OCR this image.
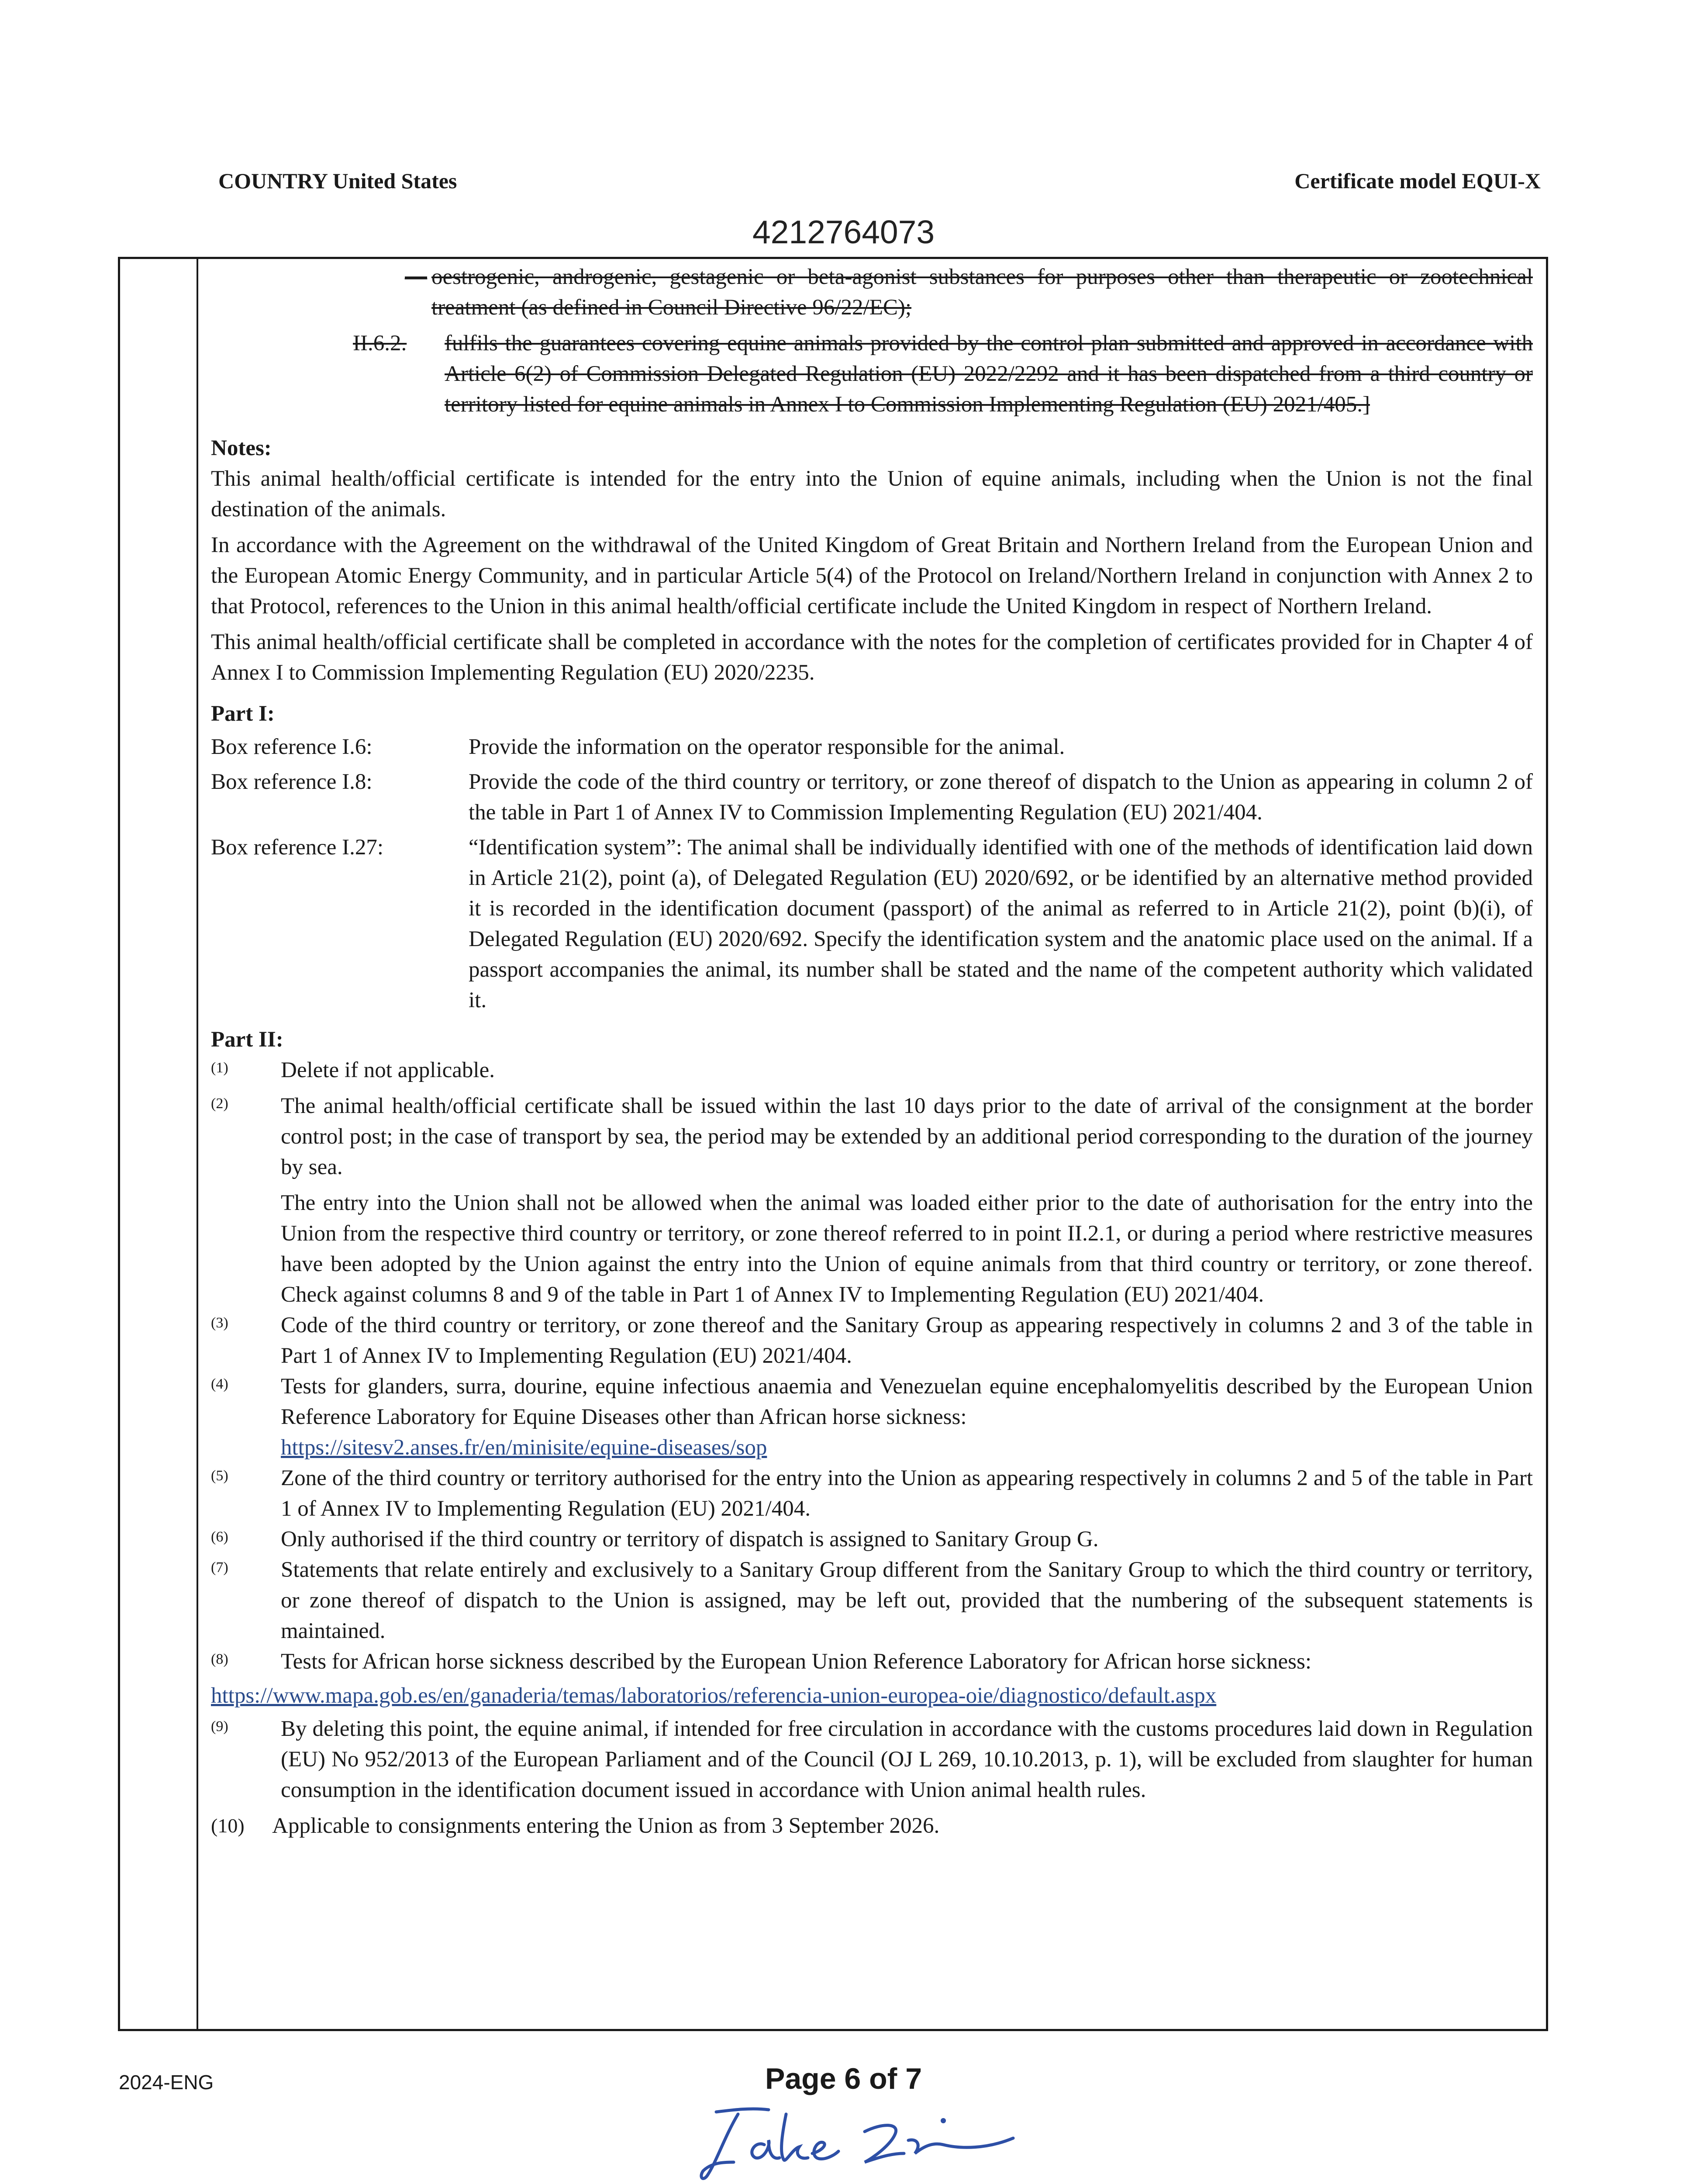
COUNTRY United States	Certificate model EQUI-X
4212764073
— oestrogenic, androgenic, gestagenic or beta-agonist substances for purposes other than therapeutic or zootechnical treatment (as defined in Council Directive 96/22/EC);
II.6.2.	fulfils the guarantees covering equine animals provided by the control plan submitted and approved in accordance with Article 6(2) of Commission Delegated Regulation (EU) 2022/2292 and it has been dispatched from a third country or territory listed for equine animals in Annex I to Commission Implementing Regulation (EU) 2021/405.]
Notes:
This animal health/official certificate is intended for the entry into the Union of equine animals, including when the Union is not the final destination of the animals.
In accordance with the Agreement on the withdrawal of the United Kingdom of Great Britain and Northern Ireland from the European Union and the European Atomic Energy Community, and in particular Article 5(4) of the Protocol on Ireland/Northern Ireland in conjunction with Annex 2 to that Protocol, references to the Union in this animal health/official certificate include the United Kingdom in respect of Northern Ireland.
This animal health/official certificate shall be completed in accordance with the notes for the completion of certificates provided for in Chapter 4 of Annex I to Commission Implementing Regulation (EU) 2020/2235.
Part I:
Box reference I.6:	Provide the information on the operator responsible for the animal.
Box reference I.8:	Provide the code of the third country or territory, or zone thereof of dispatch to the Union as appearing in column 2 of the table in Part 1 of Annex IV to Commission Implementing Regulation (EU) 2021/404.
Box reference I.27:	“Identification system”: The animal shall be individually identified with one of the methods of identification laid down in Article 21(2), point (a), of Delegated Regulation (EU) 2020/692, or be identified by an alternative method provided it is recorded in the identification document (passport) of the animal as referred to in Article 21(2), point (b)(i), of Delegated Regulation (EU) 2020/692. Specify the identification system and the anatomic place used on the animal. If a passport accompanies the animal, its number shall be stated and the name of the competent authority which validated it.
Part II:
(1)	Delete if not applicable.
(2)	The animal health/official certificate shall be issued within the last 10 days prior to the date of arrival of the consignment at the border control post; in the case of transport by sea, the period may be extended by an additional period corresponding to the duration of the journey by sea.
The entry into the Union shall not be allowed when the animal was loaded either prior to the date of authorisation for the entry into the Union from the respective third country or territory, or zone thereof referred to in point II.2.1, or during a period where restrictive measures have been adopted by the Union against the entry into the Union of equine animals from that third country or territory, or zone thereof. Check against columns 8 and 9 of the table in Part 1 of Annex IV to Implementing Regulation (EU) 2021/404.
(3)	Code of the third country or territory, or zone thereof and the Sanitary Group as appearing respectively in columns 2 and 3 of the table in Part 1 of Annex IV to Implementing Regulation (EU) 2021/404.
(4)	Tests for glanders, surra, dourine, equine infectious anaemia and Venezuelan equine encephalomyelitis described by the European Union Reference Laboratory for Equine Diseases other than African horse sickness:
https://sitesv2.anses.fr/en/minisite/equine-diseases/sop
(5)	Zone of the third country or territory authorised for the entry into the Union as appearing respectively in columns 2 and 5 of the table in Part 1 of Annex IV to Implementing Regulation (EU) 2021/404.
(6)	Only authorised if the third country or territory of dispatch is assigned to Sanitary Group G.
(7)	Statements that relate entirely and exclusively to a Sanitary Group different from the Sanitary Group to which the third country or territory, or zone thereof of dispatch to the Union is assigned, may be left out, provided that the numbering of the subsequent statements is maintained.
(8)	Tests for African horse sickness described by the European Union Reference Laboratory for African horse sickness:
https://www.mapa.gob.es/en/ganaderia/temas/laboratorios/referencia-union-europea-oie/diagnostico/default.aspx
(9)	By deleting this point, the equine animal, if intended for free circulation in accordance with the customs procedures laid down in Regulation (EU) No 952/2013 of the European Parliament and of the Council (OJ L 269, 10.10.2013, p. 1), will be excluded from slaughter for human consumption in the identification document issued in accordance with Union animal health rules.
(10)	Applicable to consignments entering the Union as from 3 September 2026.
2024-ENG	Page 6 of 7
